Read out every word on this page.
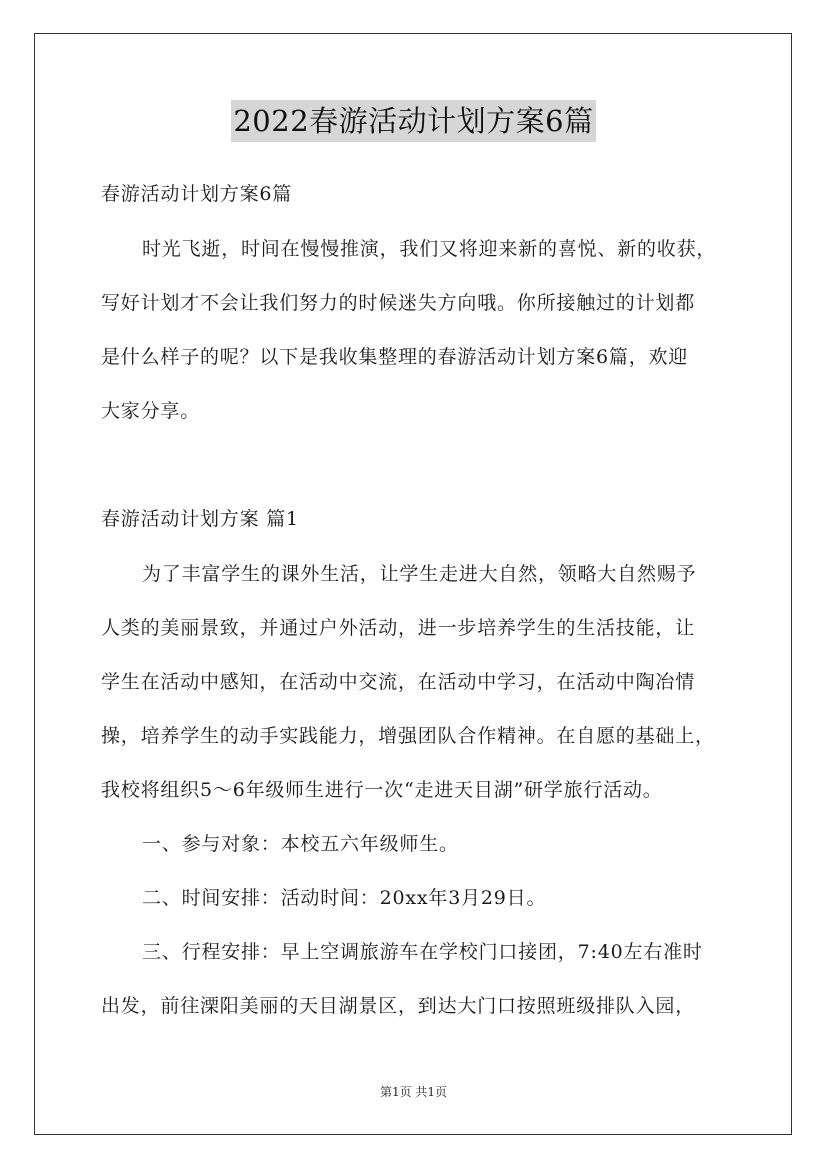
2022春游活动计划方案6篇
春游活动计划方案6篇
时光飞逝，时间在慢慢推演，我们又将迎来新的喜悦、新的收获，
写好计划才不会让我们努力的时候迷失方向哦。你所接触过的计划都
是什么样子的呢？以下是我收集整理的春游活动计划方案6篇，欢迎
大家分享。
春游活动计划方案 篇1
为了丰富学生的课外生活，让学生走进大自然，领略大自然赐予
人类的美丽景致，并通过户外活动，进一步培养学生的生活技能，让
学生在活动中感知，在活动中交流，在活动中学习，在活动中陶冶情
操，培养学生的动手实践能力，增强团队合作精神。在自愿的基础上，
我校将组织5～6年级师生进行一次“走进天目湖”研学旅行活动。
一、参与对象：本校五六年级师生。
二、时间安排：活动时间：20xx年3月29日。
三、行程安排：早上空调旅游车在学校门口接团，7:40左右准时
出发，前往溧阳美丽的天目湖景区，到达大门口按照班级排队入园，
第1页 共1页
